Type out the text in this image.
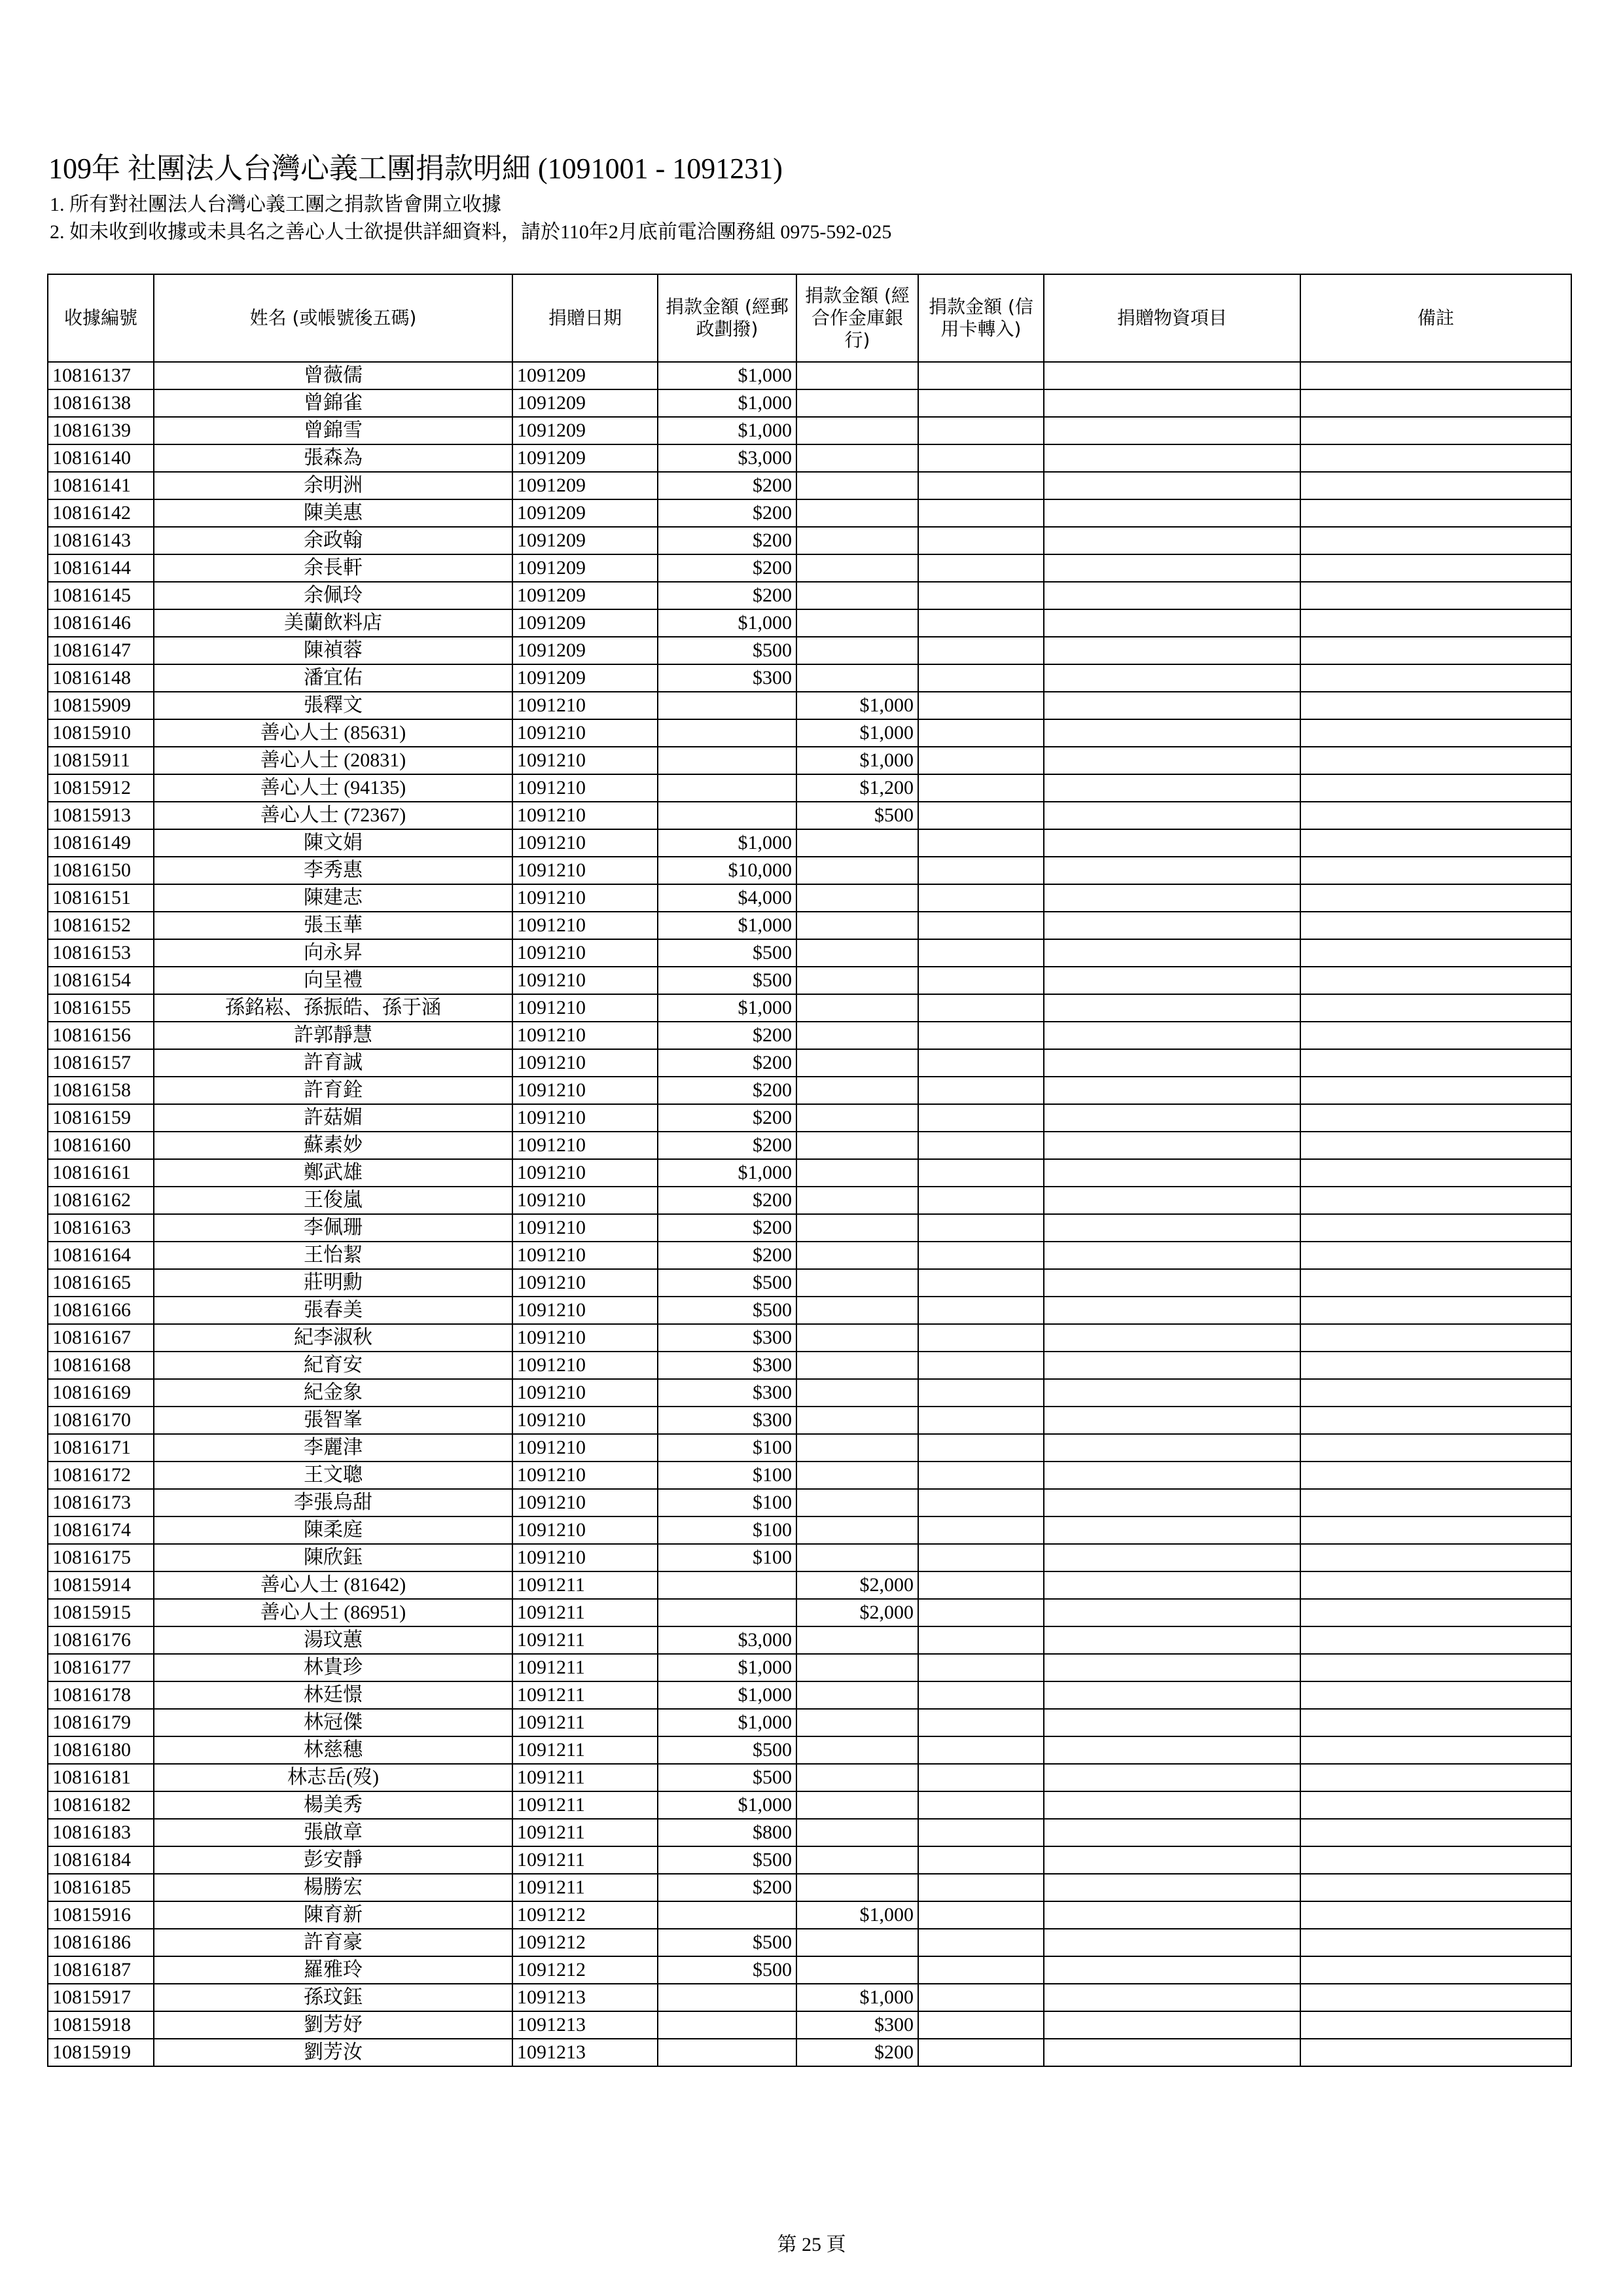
109年 社團法人台灣心義工團捐款明細 (1091001 - 1091231)
1. 所有對社團法人台灣心義工團之捐款皆會開立收據
2. 如未收到收據或未具名之善心人士欲提供詳細資料，請於110年2月底前電洽團務組 0975-592-025
收據編號	姓名 (或帳號後五碼)	捐贈日期	捐款金額 (經郵政劃撥)	捐款金額 (經合作金庫銀行)	捐款金額 (信用卡轉入)	捐贈物資項目	備註
10816137	曾薇儒	1091209	$1,000				
10816138	曾錦雀	1091209	$1,000				
10816139	曾錦雪	1091209	$1,000				
10816140	張森為	1091209	$3,000				
10816141	余明洲	1091209	$200				
10816142	陳美惠	1091209	$200				
10816143	余政翰	1091209	$200				
10816144	余長軒	1091209	$200				
10816145	余佩玲	1091209	$200				
10816146	美蘭飲料店	1091209	$1,000				
10816147	陳禎蓉	1091209	$500				
10816148	潘宜佑	1091209	$300				
10815909	張釋文	1091210		$1,000			
10815910	善心人士 (85631)	1091210		$1,000			
10815911	善心人士 (20831)	1091210		$1,000			
10815912	善心人士 (94135)	1091210		$1,200			
10815913	善心人士 (72367)	1091210		$500			
10816149	陳文娟	1091210	$1,000				
10816150	李秀惠	1091210	$10,000				
10816151	陳建志	1091210	$4,000				
10816152	張玉華	1091210	$1,000				
10816153	向永昇	1091210	$500				
10816154	向呈禮	1091210	$500				
10816155	孫銘崧、孫振皓、孫于涵	1091210	$1,000				
10816156	許郭靜慧	1091210	$200				
10816157	許育誠	1091210	$200				
10816158	許育銓	1091210	$200				
10816159	許菇媚	1091210	$200				
10816160	蘇素妙	1091210	$200				
10816161	鄭武雄	1091210	$1,000				
10816162	王俊嵐	1091210	$200				
10816163	李佩珊	1091210	$200				
10816164	王怡絜	1091210	$200				
10816165	莊明勳	1091210	$500				
10816166	張春美	1091210	$500				
10816167	紀李淑秋	1091210	$300				
10816168	紀育安	1091210	$300				
10816169	紀金象	1091210	$300				
10816170	張智峯	1091210	$300				
10816171	李麗津	1091210	$100				
10816172	王文聰	1091210	$100				
10816173	李張烏甜	1091210	$100				
10816174	陳柔庭	1091210	$100				
10816175	陳欣鈺	1091210	$100				
10815914	善心人士 (81642)	1091211		$2,000			
10815915	善心人士 (86951)	1091211		$2,000			
10816176	湯玟蕙	1091211	$3,000				
10816177	林貴珍	1091211	$1,000				
10816178	林廷憬	1091211	$1,000				
10816179	林冠傑	1091211	$1,000				
10816180	林慈穗	1091211	$500				
10816181	林志岳(歿)	1091211	$500				
10816182	楊美秀	1091211	$1,000				
10816183	張啟章	1091211	$800				
10816184	彭安靜	1091211	$500				
10816185	楊勝宏	1091211	$200				
10815916	陳育新	1091212		$1,000			
10816186	許育豪	1091212	$500				
10816187	羅雅玲	1091212	$500				
10815917	孫玟鈺	1091213		$1,000			
10815918	劉芳妤	1091213		$300			
10815919	劉芳汝	1091213		$200			
第 25 頁
